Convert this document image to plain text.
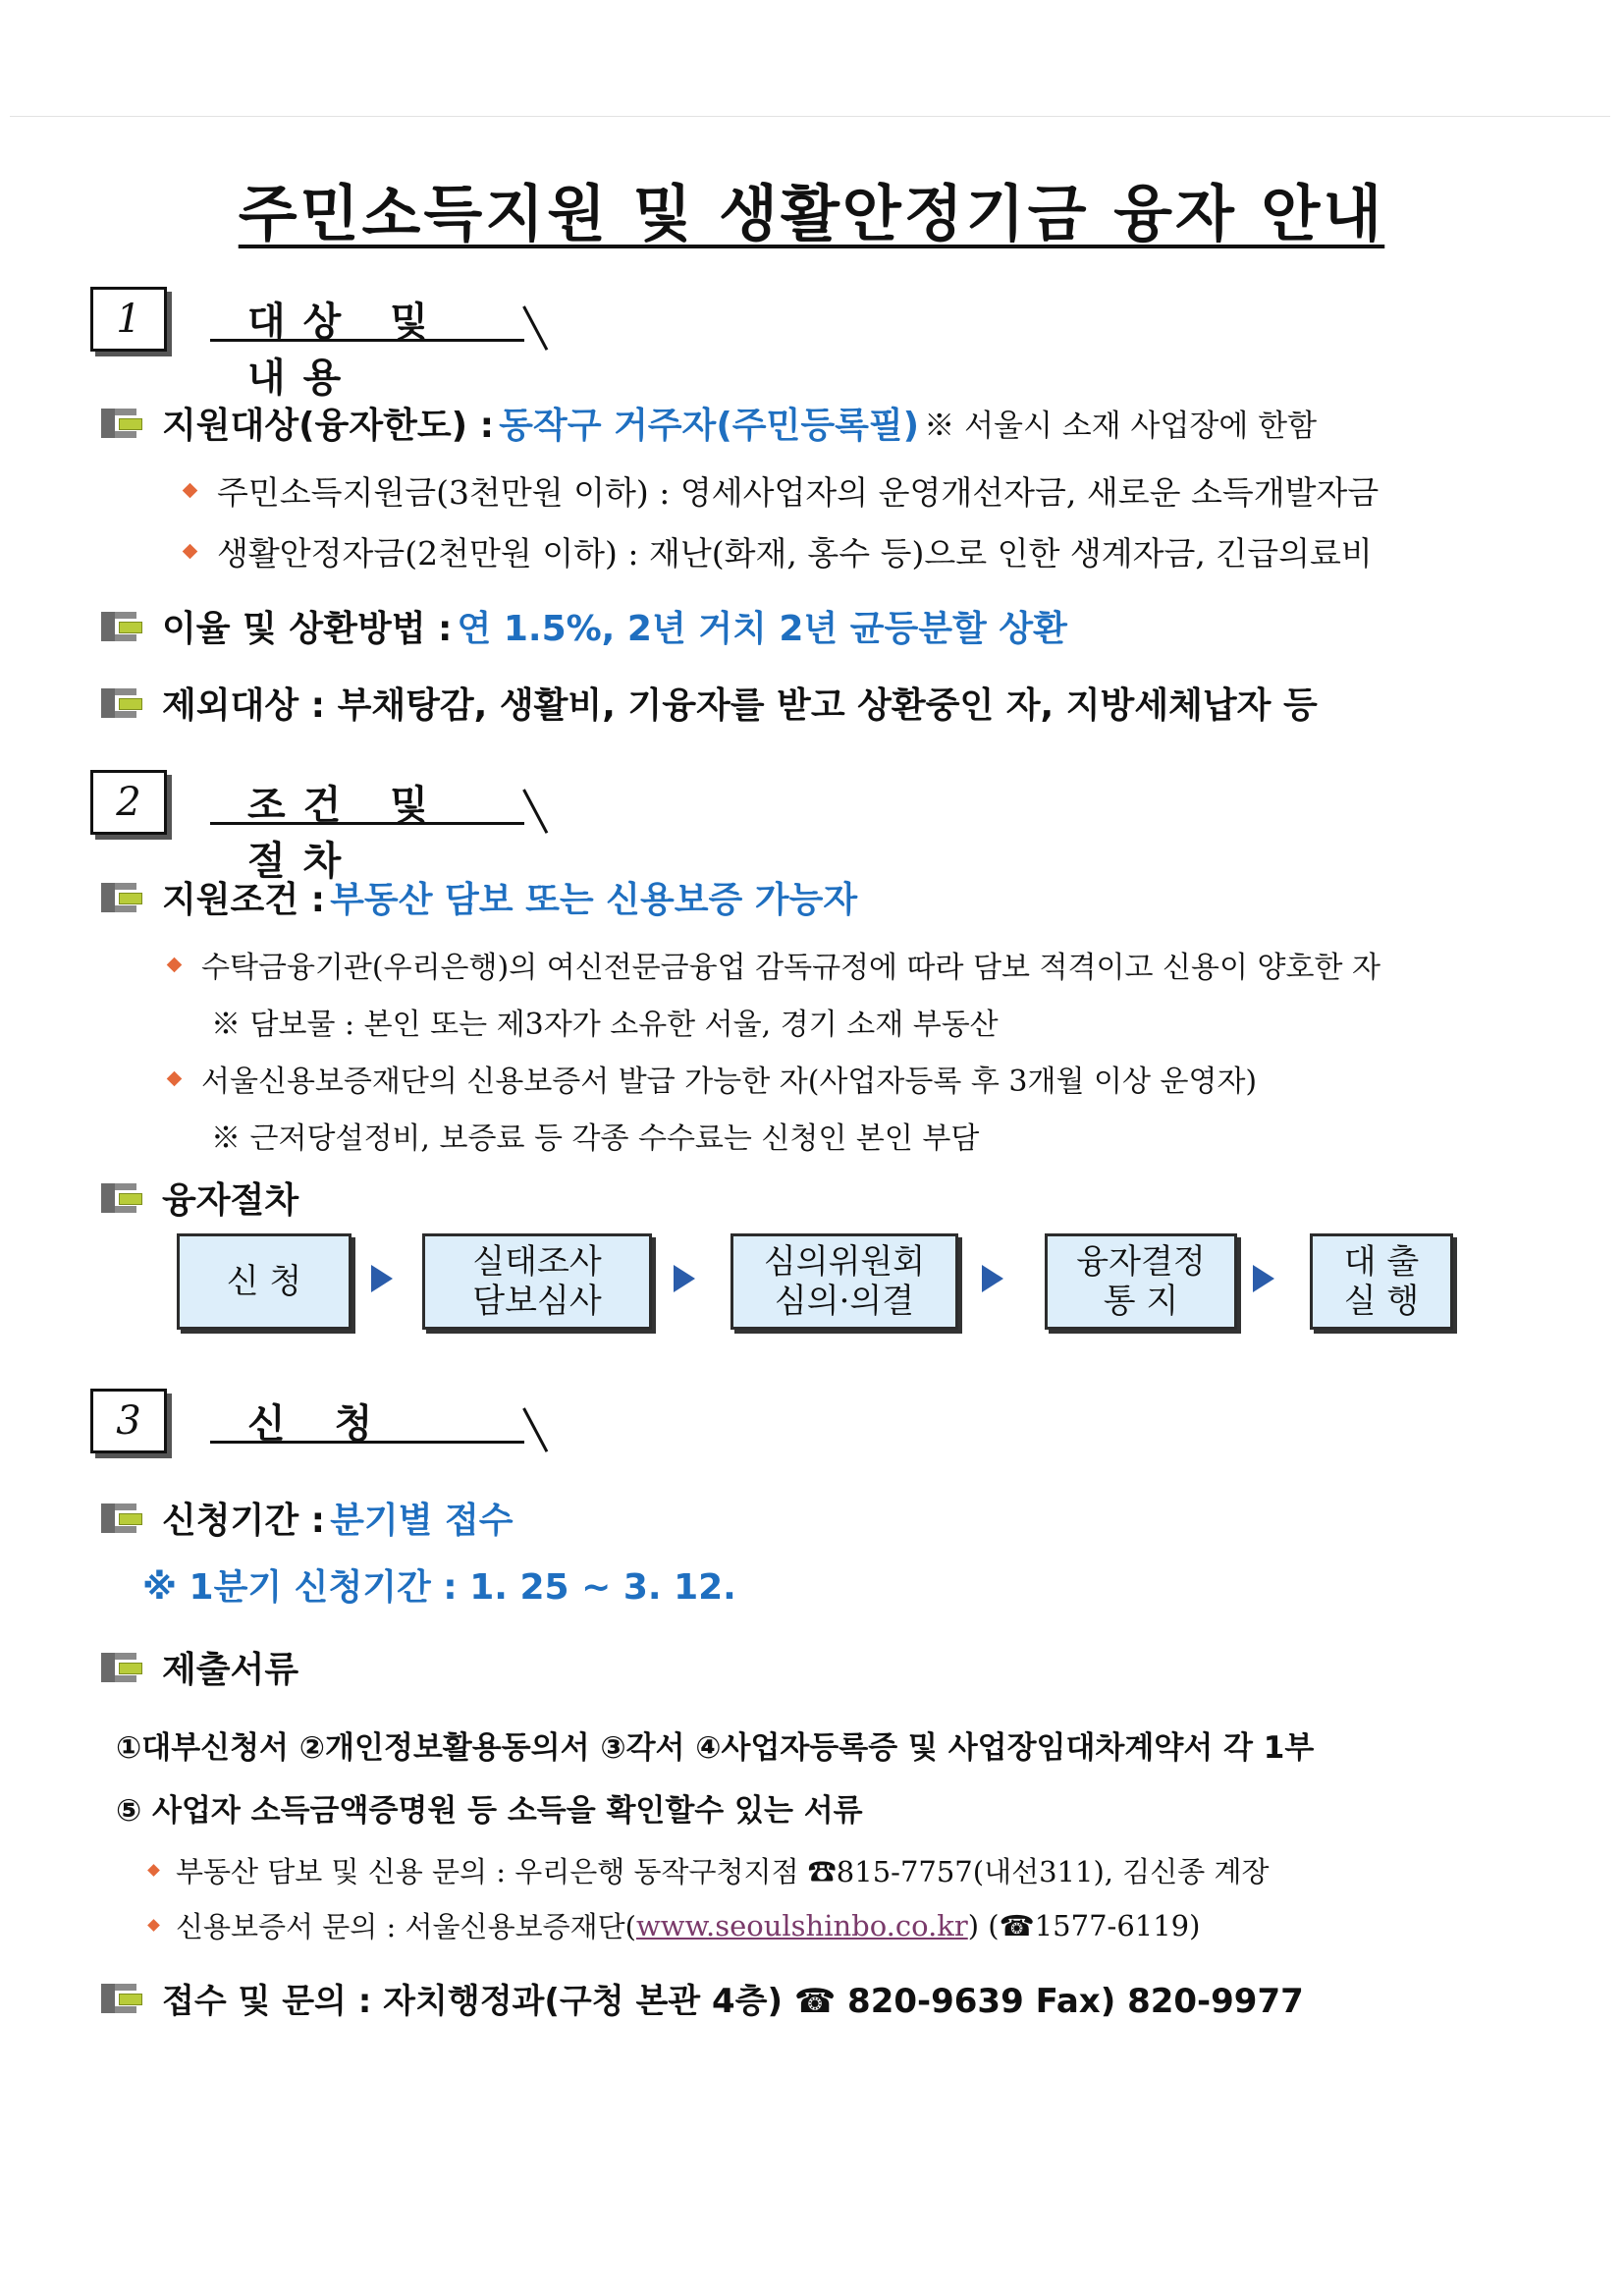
주민소득지원 및 생활안정기금 융자 안내
1	대상 및 내용
지원대상(융자한도) :
동작구 거주자(주민등록필)
※ 서울시 소재 사업장에 한함
주민소득지원금(3천만원 이하) : 영세사업자의 운영개선자금, 새로운 소득개발자금
생활안정자금(2천만원 이하) : 재난(화재, 홍수 등)으로 인한 생계자금, 긴급의료비
이율 및 상환방법 :
연 1.5%, 2년 거치 2년 균등분할 상환
제외대상 : 부채탕감, 생활비, 기융자를 받고 상환중인 자, 지방세체납자 등
2	조건 및 절차
지원조건 :
부동산 담보 또는 신용보증 가능자
수탁금융기관(우리은행)의 여신전문금융업 감독규정에 따라 담보 적격이고 신용이 양호한 자
※ 담보물 : 본인 또는 제3자가 소유한 서울, 경기 소재 부동산
서울신용보증재단의 신용보증서 발급 가능한 자(사업자등록 후 3개월 이상 운영자)
※ 근저당설정비, 보증료 등 각종 수수료는 신청인 본인 부담
융자절차
신 청	실태조사
담보심사
심의위원회
심의·의결
융자결정
통 지
대 출
실 행
3	신 청
신청기간 :
분기별 접수
※ 1분기 신청기간 : 1. 25 ~ 3. 12.
제출서류
①대부신청서 ②개인정보활용동의서 ③각서 ④사업자등록증 및 사업장임대차계약서 각 1부
⑤ 사업자 소득금액증명원 등 소득을 확인할수 있는 서류
부동산 담보 및 신용 문의 : 우리은행 동작구청지점 ☎815-7757(내선311), 김신종 계장
신용보증서 문의 : 서울신용보증재단( www.seoulshinbo.co.kr ) (☎1577-6119)
접수 및 문의 : 자치행정과(구청 본관 4층) ☎ 820-9639 Fax) 820-9977
